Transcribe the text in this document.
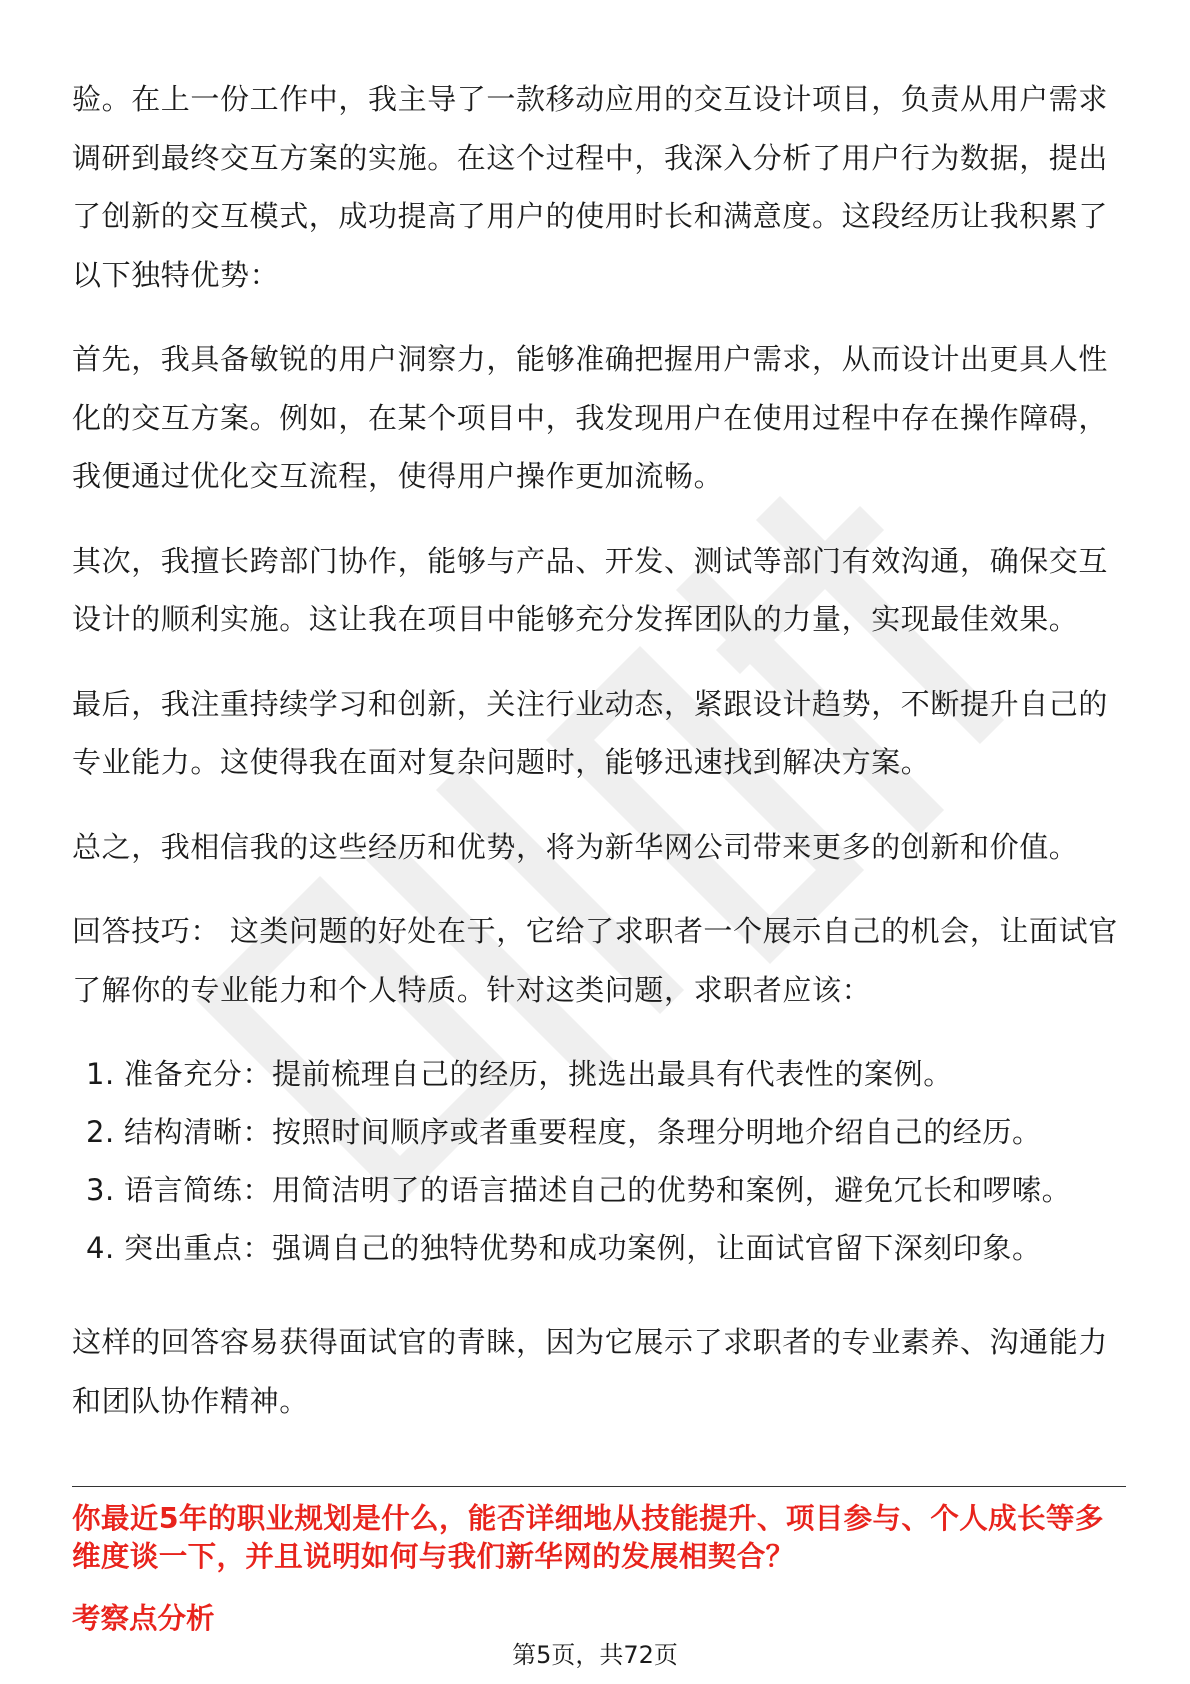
验。在上一份工作中，我主导了一款移动应用的交互设计项目，负责从用户需求调研到最终交互方案的实施。在这个过程中，我深入分析了用户行为数据，提出了创新的交互模式，成功提高了用户的使用时长和满意度。这段经历让我积累了以下独特优势：

首先，我具备敏锐的用户洞察力，能够准确把握用户需求，从而设计出更具人性化的交互方案。例如，在某个项目中，我发现用户在使用过程中存在操作障碍，我便通过优化交互流程，使得用户操作更加流畅。

其次，我擅长跨部门协作，能够与产品、开发、测试等部门有效沟通，确保交互设计的顺利实施。这让我在项目中能够充分发挥团队的力量，实现最佳效果。

最后，我注重持续学习和创新，关注行业动态，紧跟设计趋势，不断提升自己的专业能力。这使得我在面对复杂问题时，能够迅速找到解决方案。

总之，我相信我的这些经历和优势，将为新华网公司带来更多的创新和价值。

回答技巧： 这类问题的好处在于，它给了求职者一个展示自己的机会，让面试官了解你的专业能力和个人特质。针对这类问题，求职者应该：

1. 准备充分：提前梳理自己的经历，挑选出最具有代表性的案例。
2. 结构清晰：按照时间顺序或者重要程度，条理分明地介绍自己的经历。
3. 语言简练：用简洁明了的语言描述自己的优势和案例，避免冗长和啰嗦。
4. 突出重点：强调自己的独特优势和成功案例，让面试官留下深刻印象。

这样的回答容易获得面试官的青睐，因为它展示了求职者的专业素养、沟通能力和团队协作精神。

你最近5年的职业规划是什么，能否详细地从技能提升、项目参与、个人成长等多维度谈一下，并且说明如何与我们新华网的发展相契合？
考察点分析
第5页，共72页
